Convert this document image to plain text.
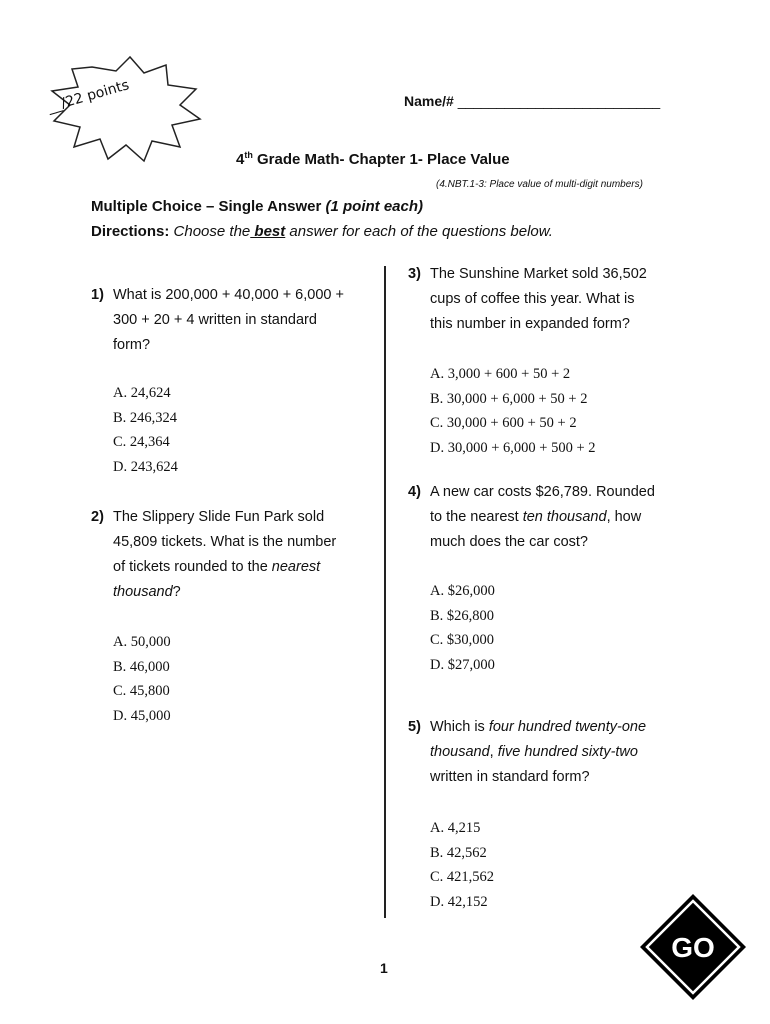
__/22 points	Name/# __________________________
4th Grade Math- Chapter 1- Place Value
(4.NBT.1-3: Place value of multi-digit numbers)
Multiple Choice – Single Answer (1 point each)
Directions: Choose the best answer for each of the questions below.
1) What is 200,000 + 40,000 + 6,000 +
300 + 20 + 4 written in standard
form?
A. 24,624
B. 246,324
C. 24,364
D. 243,624
2) The Slippery Slide Fun Park sold
45,809 tickets. What is the number
of tickets rounded to the nearest
thousand?
A. 50,000
B. 46,000
C. 45,800
D. 45,000
3) The Sunshine Market sold 36,502
cups of coffee this year. What is
this number in expanded form?
A. 3,000 + 600 + 50 + 2
B. 30,000 + 6,000 + 50 + 2
C. 30,000 + 600 + 50 + 2
D. 30,000 + 6,000 + 500 + 2
4) A new car costs $26,789. Rounded
to the nearest ten thousand, how
much does the car cost?
A. $26,000
B. $26,800
C. $30,000
D. $27,000
5) Which is four hundred twenty-one
thousand, five hundred sixty-two
written in standard form?
A. 4,215
B. 42,562
C. 421,562
D. 42,152
GO
1
